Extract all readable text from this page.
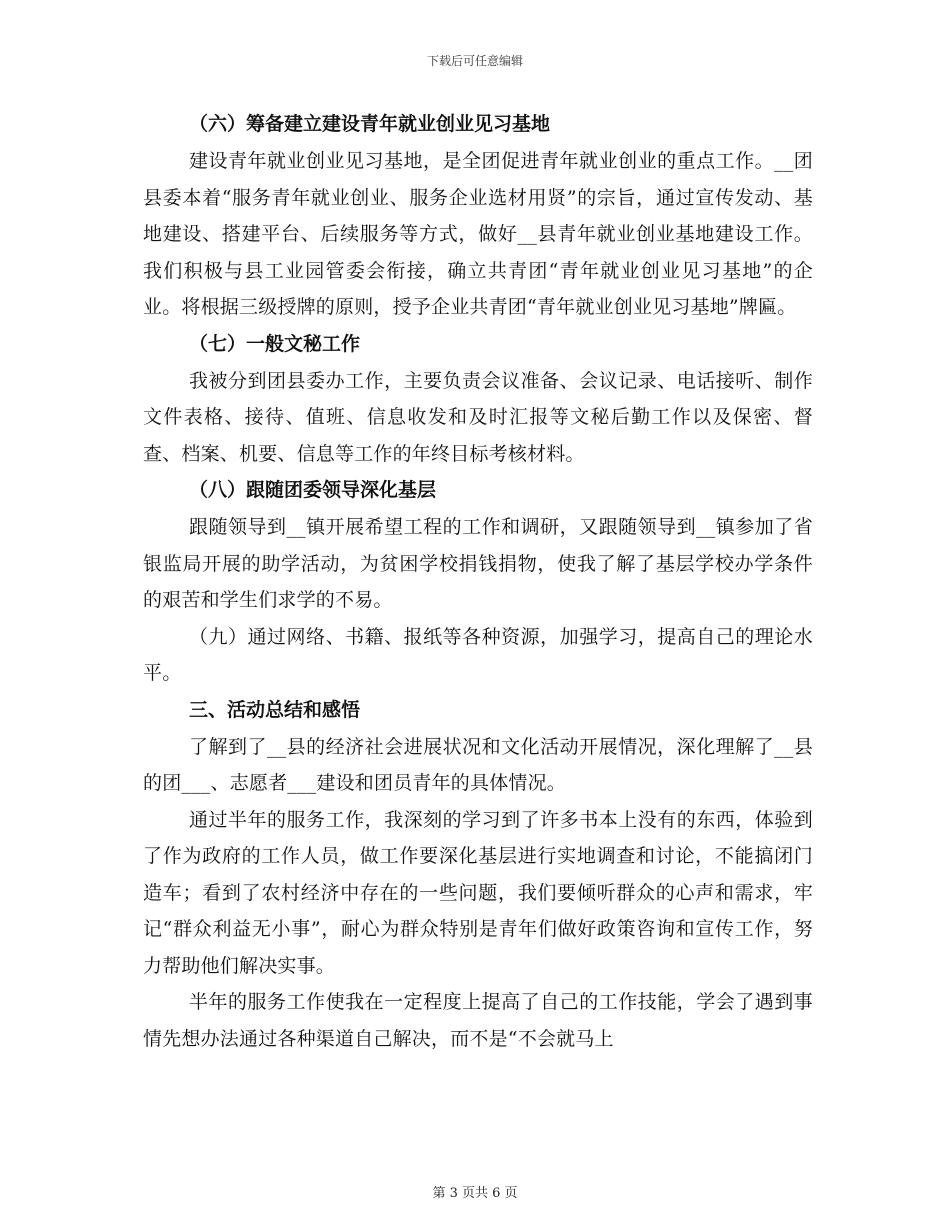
下载后可任意编辑
（六）筹备建立建设青年就业创业见习基地
建设青年就业创业见习基地，是全团促进青年就业创业的重点工作。__团县委本着“服务青年就业创业、服务企业选材用贤”的宗旨，通过宣传发动、基地建设、搭建平台、后续服务等方式，做好__县青年就业创业基地建设工作。我们积极与县工业园管委会衔接，确立共青团“青年就业创业见习基地”的企业。将根据三级授牌的原则，授予企业共青团“青年就业创业见习基地”牌匾。
（七）一般文秘工作
我被分到团县委办工作，主要负责会议准备、会议记录、电话接听、制作文件表格、接待、值班、信息收发和及时汇报等文秘后勤工作以及保密、督查、档案、机要、信息等工作的年终目标考核材料。
（八）跟随团委领导深化基层
跟随领导到__镇开展希望工程的工作和调研，又跟随领导到__镇参加了省银监局开展的助学活动，为贫困学校捐钱捐物，使我了解了基层学校办学条件的艰苦和学生们求学的不易。
（九）通过网络、书籍、报纸等各种资源，加强学习，提高自己的理论水平。
三、活动总结和感悟
了解到了__县的经济社会进展状况和文化活动开展情况，深化理解了__县的团___、志愿者___建设和团员青年的具体情况。
通过半年的服务工作，我深刻的学习到了许多书本上没有的东西，体验到了作为政府的工作人员，做工作要深化基层进行实地调查和讨论，不能搞闭门造车；看到了农村经济中存在的一些问题，我们要倾听群众的心声和需求，牢记“群众利益无小事”，耐心为群众特别是青年们做好政策咨询和宣传工作，努力帮助他们解决实事。
半年的服务工作使我在一定程度上提高了自己的工作技能，学会了遇到事情先想办法通过各种渠道自己解决，而不是“不会就马上
第 3 页共 6 页
